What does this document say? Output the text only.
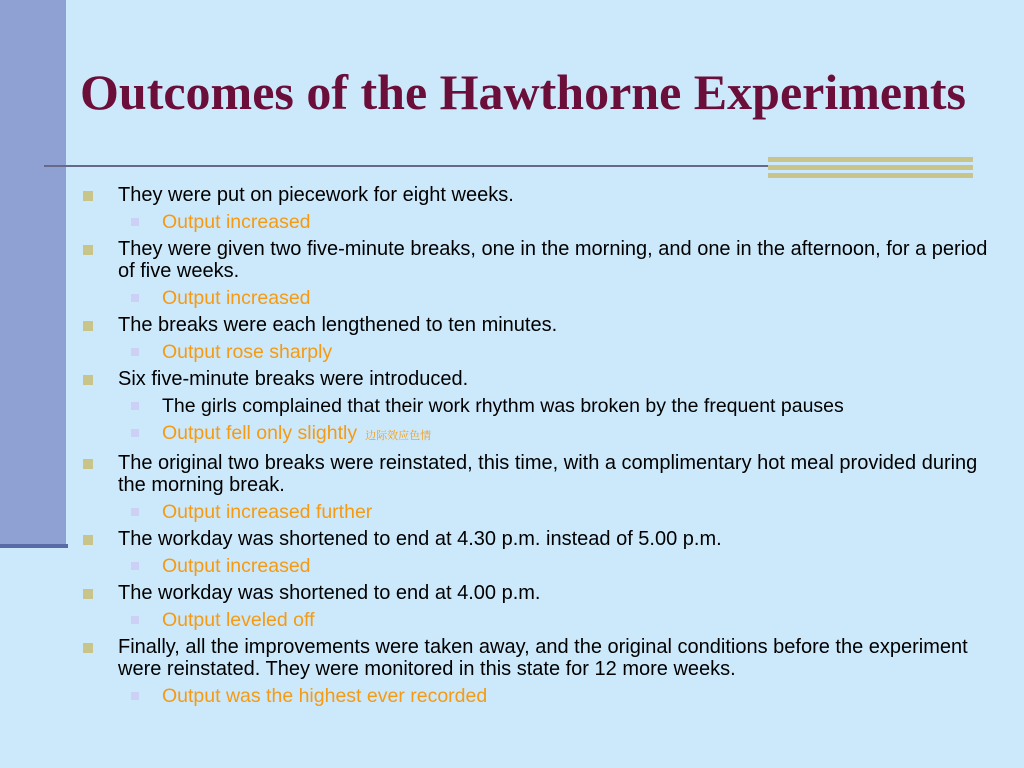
Outcomes of the Hawthorne Experiments
They were put on piecework for eight weeks.
Output increased
They were given two five-minute breaks, one in the morning, and one in the afternoon, for a period of five weeks.
Output increased
The breaks were each lengthened to ten minutes.
Output rose sharply
Six five-minute breaks were introduced.
The girls complained that their work rhythm was broken by the frequent pauses
Output fell only slightly 边际效应色情
The original two breaks were reinstated, this time, with a complimentary hot meal provided during the morning break.
Output increased further
The workday was shortened to end at 4.30 p.m. instead of 5.00 p.m.
Output increased
The workday was shortened to end at 4.00 p.m.
Output leveled off
Finally, all the improvements were taken away, and the original conditions before the experiment were reinstated. They were monitored in this state for 12 more weeks.
Output was the highest ever recorded
